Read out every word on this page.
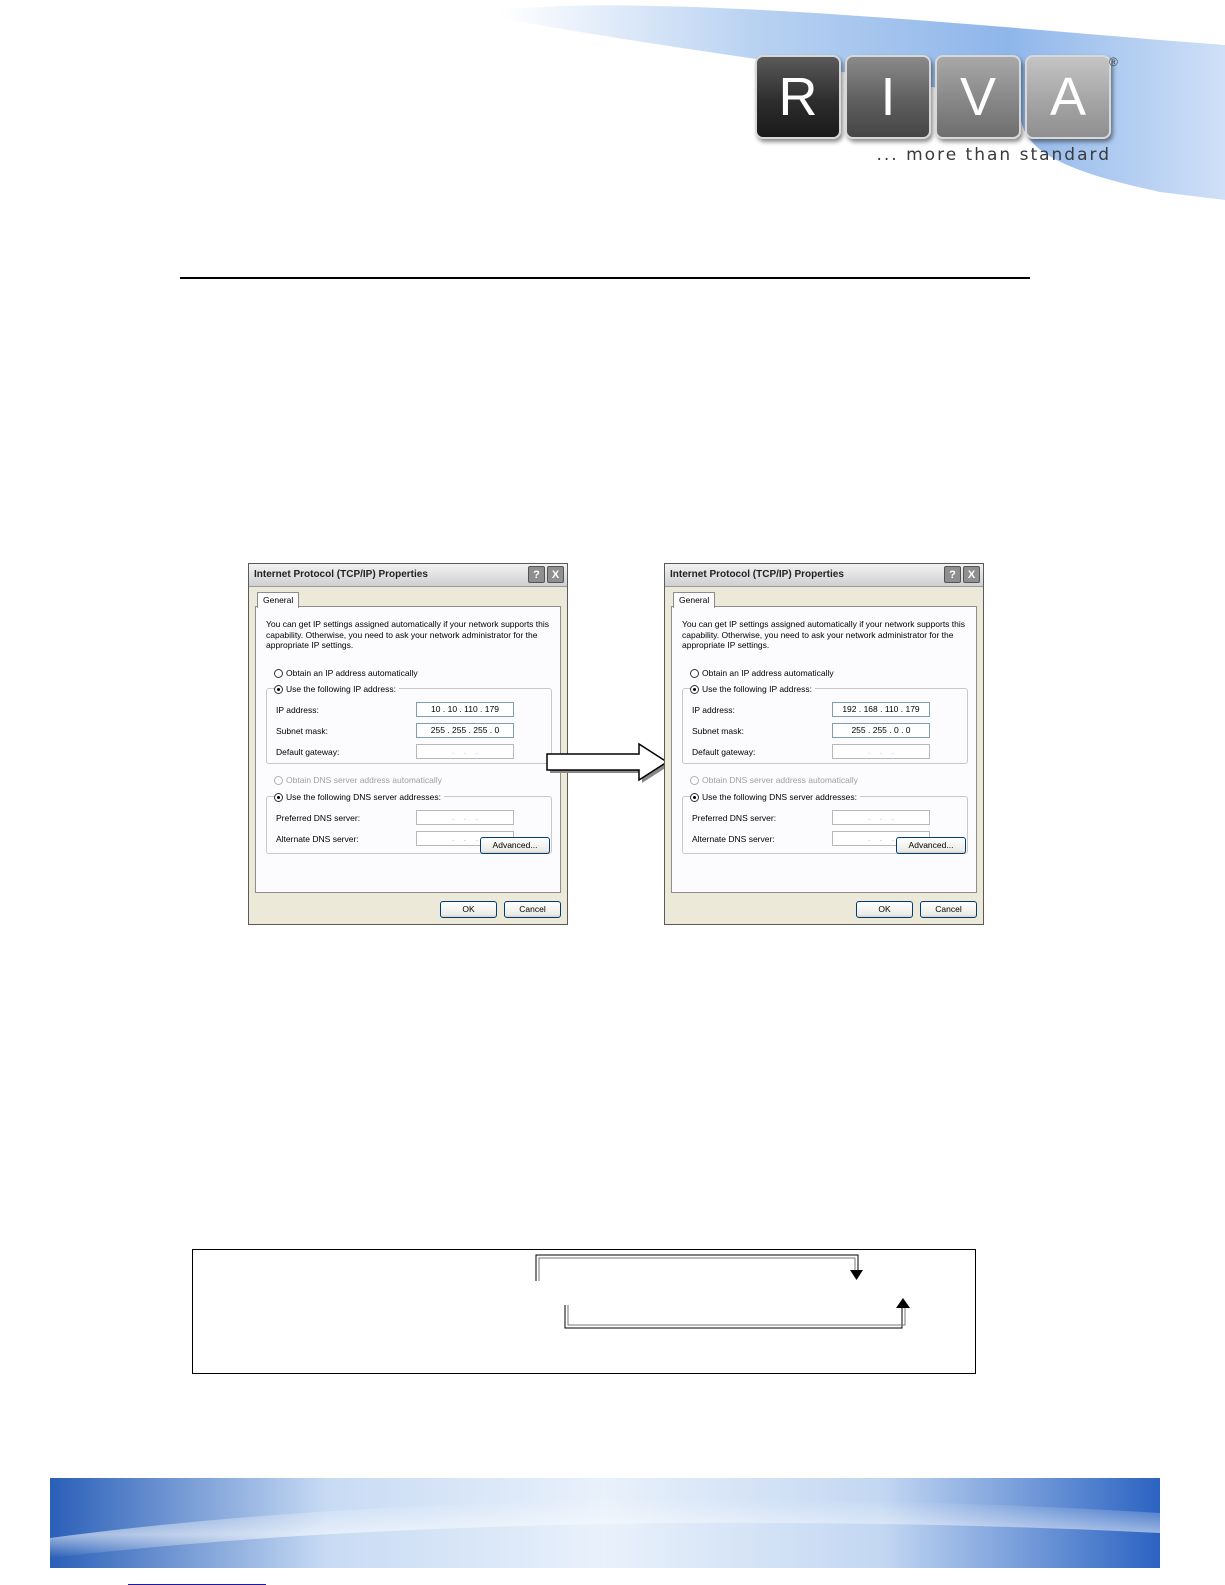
R	I	V A
®
... more than standard
Internet Protocol (TCP/IP) Properties	?	X
General
You can get IP settings assigned automatically if your network supports this capability. Otherwise, you need to ask your network administrator for the appropriate IP settings.
Obtain an IP address automatically
Use the following IP address:
IP address:	10 . 10 . 110 . 179
Subnet mask:	255 . 255 . 255 . 0
Default gateway:	.    .    .
Obtain DNS server address automatically
Use the following DNS server addresses:
Preferred DNS server:	.    .    .
Alternate DNS server:	.    .    .
Advanced...
OK	Cancel
Internet Protocol (TCP/IP) Properties	?	X
General
You can get IP settings assigned automatically if your network supports this capability. Otherwise, you need to ask your network administrator for the appropriate IP settings.
Obtain an IP address automatically
Use the following IP address:
IP address:	192 . 168 . 110 . 179
Subnet mask:	255 . 255 . 0 . 0
Default gateway:	.    .    .
Obtain DNS server address automatically
Use the following DNS server addresses:
Preferred DNS server:	.    .    .
Alternate DNS server:	.    .    .
Advanced...
OK	Cancel
